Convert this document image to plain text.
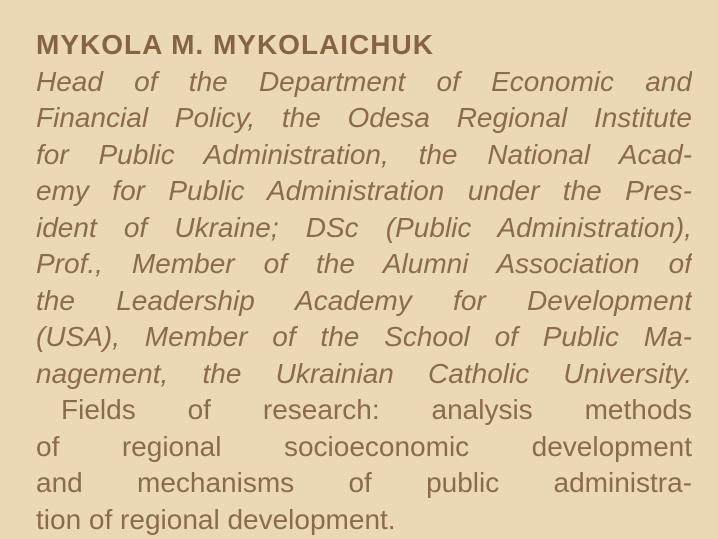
MYKOLA M. MYKOLAICHUK
Head of the Department of Economic and
Financial Policy, the Odesa Regional Institute
for Public Administration, the National Acad-
emy for Public Administration under the Pres-
ident of Ukraine; DSc (Public Administration),
Prof., Member of the Alumni Association of
the Leadership Academy for Development
(USA), Member of the School of Public Ma-
nagement, the Ukrainian Catholic University.
Fields of research: analysis methods
of regional socioeconomic development
and mechanisms of public administra-
tion of regional development.
